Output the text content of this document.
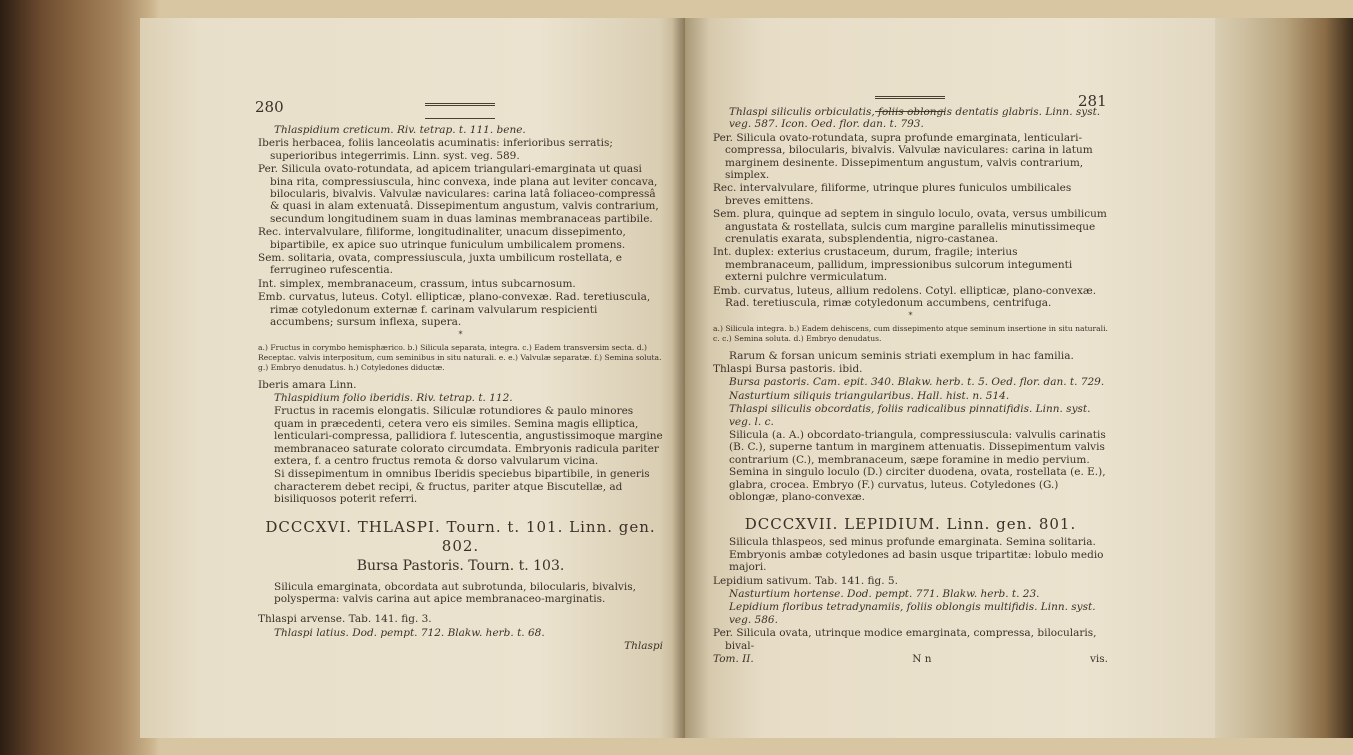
280

Thlaspidium creticum. Riv. tetrap. t. 111. bene.

Iberis herbacea, foliis lanceolatis acuminatis: inferioribus serratis; superioribus integerrimis. Linn. syst. veg. 589.

Per. Silicula ovato-rotundata, ad apicem triangulari-emarginata ut quasi bina rita, compressiuscula, hinc convexa, inde plana aut leviter concava, bilocularis, bivalvis. Valvulæ naviculares: carina latâ foliaceo-compressâ & quasi in alam extenuatâ. Dissepimentum angustum, valvis contrarium, secundum longitudinem suam in duas laminas membranaceas partibile.

Rec. intervalvulare, filiforme, longitudinaliter, unacum dissepimento, bipartibile, ex apice suo utrinque funiculum umbilicalem promens.

Sem. solitaria, ovata, compressiuscula, juxta umbilicum rostellata, e ferrugineo rufescentia.

Int. simplex, membranaceum, crassum, intus subcarnosum.

Emb. curvatus, luteus. Cotyl. ellipticæ, plano-convexæ. Rad. teretiuscula, rimæ cotyledonum externæ f. carinam valvularum respicienti accumbens; sursum inflexa, supera.

*

a.) Fructus in corymbo hemisphærico. b.) Silicula separata, integra. c.) Eadem transversim secta. d.) Receptac. valvis interpositum, cum seminibus in situ naturali. e. e.) Valvulæ separatæ. f.) Semina soluta. g.) Embryo denudatus. h.) Cotyledones diductæ.

Iberis amara Linn.

Thlaspidium folio iberidis. Riv. tetrap. t. 112.

Fructus in racemis elongatis. Siliculæ rotundiores & paulo minores quam in præcedenti, cetera vero eis similes. Semina magis elliptica, lenticulari-compressa, pallidiora f. lutescentia, angustissimoque margine membranaceo saturate colorato circumdata. Embryonis radicula pariter extera, f. a centro fructus remota & dorso valvularum vicina.

Si dissepimentum in omnibus Iberidis speciebus bipartibile, in generis characterem debet recipi, & fructus, pariter atque Biscutellæ, ad bisiliquosos poterit referri.

DCCCXVI. THLASPI. Tourn. t. 101. Linn. gen. 802.

Bursa Pastoris. Tourn. t. 103.

Silicula emarginata, obcordata aut subrotunda, bilocularis, bivalvis, polysperma: valvis carina aut apice membranaceo-marginatis.

Thlaspi arvense. Tab. 141. fig. 3.

Thlaspi latius. Dod. pempt. 712. Blakw. herb. t. 68.

Thlaspi

281

Thlaspi siliculis orbiculatis, foliis oblongis dentatis glabris. Linn. syst. veg. 587. Icon. Oed. flor. dan. t. 793.

Per. Silicula ovato-rotundata, supra profunde emarginata, lenticulari-compressa, bilocularis, bivalvis. Valvulæ naviculares: carina in latum marginem desinente. Dissepimentum angustum, valvis contrarium, simplex.

Rec. intervalvulare, filiforme, utrinque plures funiculos umbilicales breves emittens.

Sem. plura, quinque ad septem in singulo loculo, ovata, versus umbilicum angustata & rostellata, sulcis cum margine parallelis minutissimeque crenulatis exarata, subsplendentia, nigro-castanea.

Int. duplex: exterius crustaceum, durum, fragile; interius membranaceum, pallidum, impressionibus sulcorum integumenti externi pulchre vermiculatum.

Emb. curvatus, luteus, allium redolens. Cotyl. ellipticæ, plano-convexæ. Rad. teretiuscula, rimæ cotyledonum accumbens, centrifuga.

*

a.) Silicula integra. b.) Eadem dehiscens, cum dissepimento atque seminum insertione in situ naturali. c. c.) Semina soluta. d.) Embryo denudatus.

Rarum & forsan unicum seminis striati exemplum in hac familia.

Thlaspi Bursa pastoris. ibid.

Bursa pastoris. Cam. epit. 340. Blakw. herb. t. 5. Oed. flor. dan. t. 729.

Nasturtium siliquis triangularibus. Hall. hist. n. 514.

Thlaspi siliculis obcordatis, foliis radicalibus pinnatifidis. Linn. syst. veg. l. c.

Silicula (a. A.) obcordato-triangula, compressiuscula: valvulis carinatis (B. C.), superne tantum in marginem attenuatis. Dissepimentum valvis contrarium (C.), membranaceum, sæpe foramine in medio pervium. Semina in singulo loculo (D.) circiter duodena, ovata, rostellata (e. E.), glabra, crocea. Embryo (F.) curvatus, luteus. Cotyledones (G.) oblongæ, plano-convexæ.

DCCCXVII. LEPIDIUM. Linn. gen. 801.

Silicula thlaspeos, sed minus profunde emarginata. Semina solitaria. Embryonis ambæ cotyledones ad basin usque tripartitæ: lobulo medio majori.

Lepidium sativum. Tab. 141. fig. 5.

Nasturtium hortense. Dod. pempt. 771. Blakw. herb. t. 23.

Lepidium floribus tetradynamiis, foliis oblongis multifidis. Linn. syst. veg. 586.

Per. Silicula ovata, utrinque modice emarginata, compressa, bilocularis, bival-

Tom. II.	N n	vis.
